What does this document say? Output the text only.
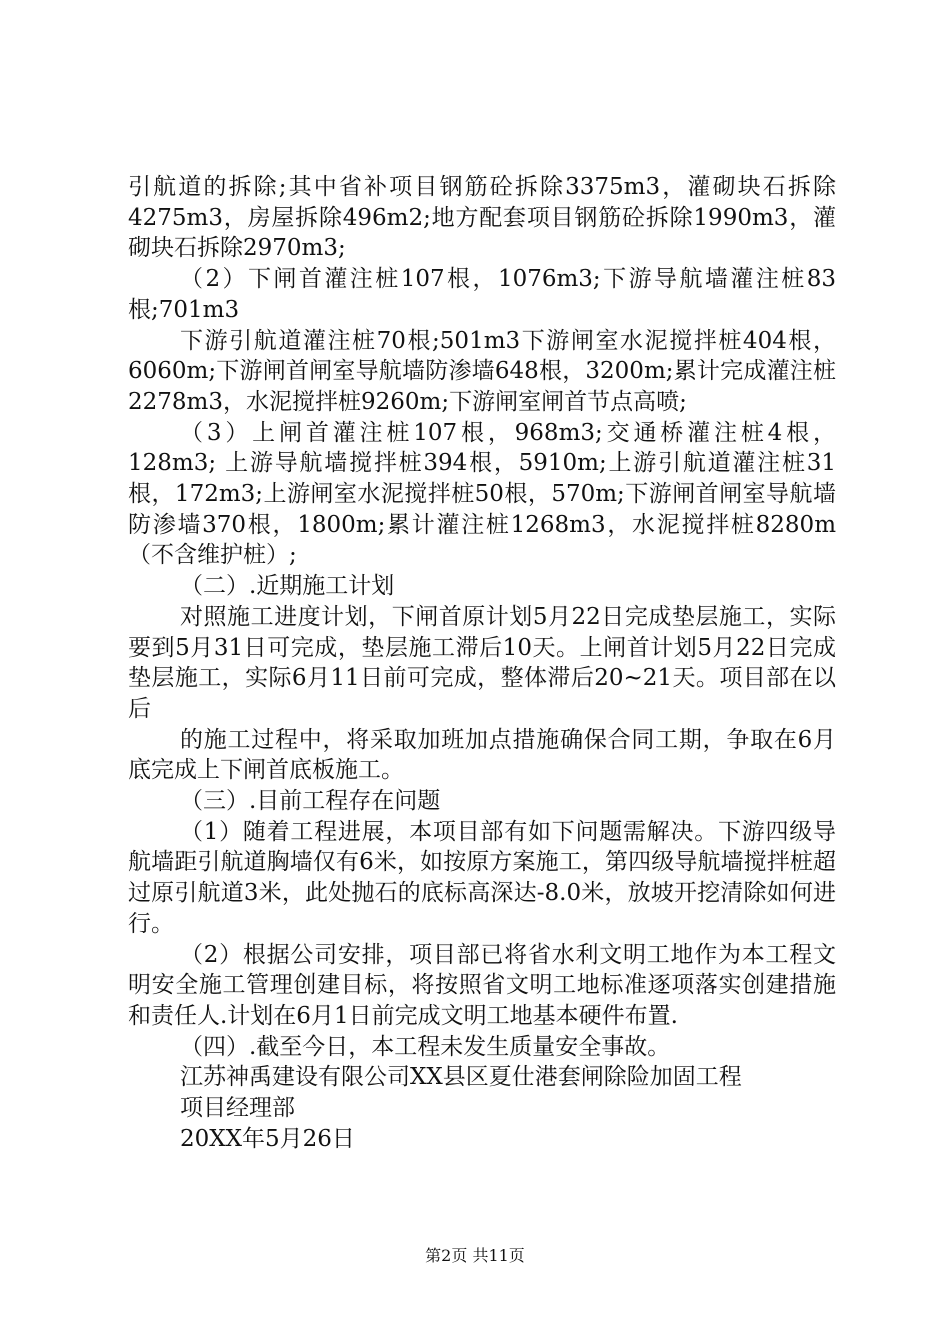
引航道的拆除;其中省补项目钢筋砼拆除3375m3，灌砌块石拆除4275m3，房屋拆除496m2;地方配套项目钢筋砼拆除1990m3，灌砌块石拆除2970m3;

（2）下闸首灌注桩107根，1076m3;下游导航墙灌注桩83根;701m3

下游引航道灌注桩70根;501m3下游闸室水泥搅拌桩404根，6060m;下游闸首闸室导航墙防渗墙648根，3200m;累计完成灌注桩2278m3，水泥搅拌桩9260m;下游闸室闸首节点高喷;

（3）上闸首灌注桩107根，968m3;交通桥灌注桩4根，128m3; 上游导航墙搅拌桩394根，5910m;上游引航道灌注桩31根，172m3;上游闸室水泥搅拌桩50根，570m;下游闸首闸室导航墙防渗墙370根，1800m;累计灌注桩1268m3，水泥搅拌桩8280m（不含维护桩）;

（二）.近期施工计划

对照施工进度计划，下闸首原计划5月22日完成垫层施工，实际要到5月31日可完成，垫层施工滞后10天。上闸首计划5月22日完成垫层施工，实际6月11日前可完成，整体滞后20~21天。项目部在以后

的施工过程中，将采取加班加点措施确保合同工期，争取在6月底完成上下闸首底板施工。

（三）.目前工程存在问题

（1）随着工程进展，本项目部有如下问题需解决。下游四级导航墙距引航道胸墙仅有6米，如按原方案施工，第四级导航墙搅拌桩超过原引航道3米，此处抛石的底标高深达-8.0米，放坡开挖清除如何进行。

（2）根据公司安排，项目部已将省水利文明工地作为本工程文明安全施工管理创建目标，将按照省文明工地标准逐项落实创建措施和责任人.计划在6月1日前完成文明工地基本硬件布置.

（四）.截至今日，本工程未发生质量安全事故。

江苏神禹建设有限公司XX县区夏仕港套闸除险加固工程

项目经理部

20XX年5月26日

第2页 共11页
